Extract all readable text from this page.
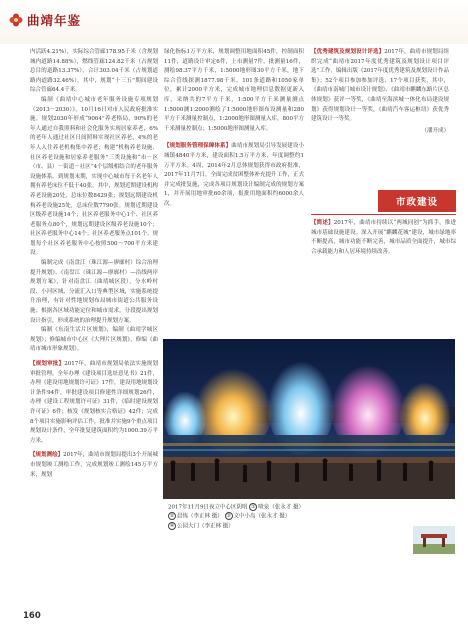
曲靖年鉴

内活跃4.21%），实际综合管廊178.95千米（含规划城内道路14.88%），燃线管廊124.82千米（占规划总目的道路13.37%），合计303.04千米（占规划道路内道路32.46%）。其中，规划“十三五”期间建设综合管廊64.4千米。

编制《曲靖中心城市老年服务设施专项规划（2013－2030）》。10月16日对市人民政府批准实施。规划2030年形成“9064”养老格局，90%的老年人通过自我照料和社会化服务实现居家养老，6%的老年人通过社区日间照料实现社区养老，4%的老年人入住养老机构集中养老；构建“机构养老设施、社区养老设施和居家养老服务”三类设施和“市－区（市、县）－街道－社区”4个层级相结合的老年服务设施体系。到规划末期，实现中心城市每千名老年人拥有养老床位不低于40张。其中，规划近期建设机构养老设施20处，总床位数8429张；规划远期建设机构养老设施25处，总床位数7790张。规划近期建设区级养老设施14个；社区养老服务中心1个、社区养老服务点80个，规划远期建设区级养老设施10个；社区养老服务中心14个；社区养老服务点101个。规划每个社区养老服务中心按照500～700平方米建设。

编制完成《南盘江（珠江源—廖廓村）综合治理提升规划》、《南盘江（珠江源—廖廓村）—沿线两岸规划方案》，针对南盘江（曲靖城区段），分水岭村段、小河区域、分流汇入口等典型区域，实施系统提升治理，有针对性地规划布局城市街道公共服务设施；根据各区域功能定位和城市需求，分段提出规划设计指引，形成系统的治理提升规划方案。

编制《东南生活片区规划》，编制《曲靖学城区规划》；修编城市中心区《大理片区规划》，修编《曲靖市城市形象规划》。

【规划审批】2017年，曲靖市规划局依法实施规划审批管理，全年办理《建设项目选址意见书》21件，办理《建设用地规划许可证》17件，建设用地规划设计条件94件，审批建设项目修建性详细规划26件，办理《建设工程规划许可证》31件，《临时建设规划许可证》6件；核发《规划核实合格证》42件；完成8个项目实施影响评估工作，批准并实施9个重点项目规划设计条件，全年批复建筑面积约为1000.39万平方米。

【规划测绘】2017年，曲靖市规划局提出3个开展城市规划竣工测绘工作，完成规划竣工测绘145万平方米，规划

绿化指标1万平方米，规划调整用地面积45件，控制面积11件，道路设计审定6件，上市测量7件，批测量16件，测绘98.37平方千米，1:5000地形图30平方千米，地下综合管线探测1877.98千米，101条道路和1050家单位，累计2000平方米，完成城市地理信息数据更新入库，采纳共的7平方千米，1:500平方千米测量测点1:5000测1:2000测绘了1:5000地形图布设测量和280平方千米测量控制点，1:2000地形图测量入库，800平方千米测量控制点；1:5000地形图测量入库。

【规划服务管理保障体系】曲靖市规划局引导发展建设小城镇4840平方米，建设面积1.5万平方米，年度调整约1万平方米。4周，2014年2月总体规划获得市政府批准，2017年11月7日，全面完成贫困整体补充提升工作，正式并完成批复施，完成各项目规划设计编制完成的规划方案1，并开展用地审批60余项，报批用地面积约6000余人次。

【优秀建筑及规划设计评选】2017年，曲靖市规划局组织完成“曲靖市2017年度优秀建筑及规划设计项目评选”工作，编辑出版《2017年度优秀建筑及规划设计作品集》；52个项目参加参加评选，17个项目获奖，其中，《曲靖市南城门城市设计规划》、《曲靖市麒麟东路片区总体规划》获评一等奖，《曲靖至海滨城一体化布局建设规划》获得规划设计一等奖，《曲靖汽车客运枢纽》获优秀建筑设计一等奖。

（潘开成）

市政建设

【简述】2017年，曲靖市持续以“两城同创”为抓手，推进城市基础设施建设。深入开展“麒麟花城”建设，城市绿地率不断提高，城市功能不断完善，城市品质全面提升，城市综合承载能力和人居环境持续改善。

2017年11月9日夜立中心区阴明 ① 喷泉（张永才 摄）
② 晨练（李正林 摄） ③ 文中小岛（张永才 摄）
④ 公园大门（李正林 摄）
160
